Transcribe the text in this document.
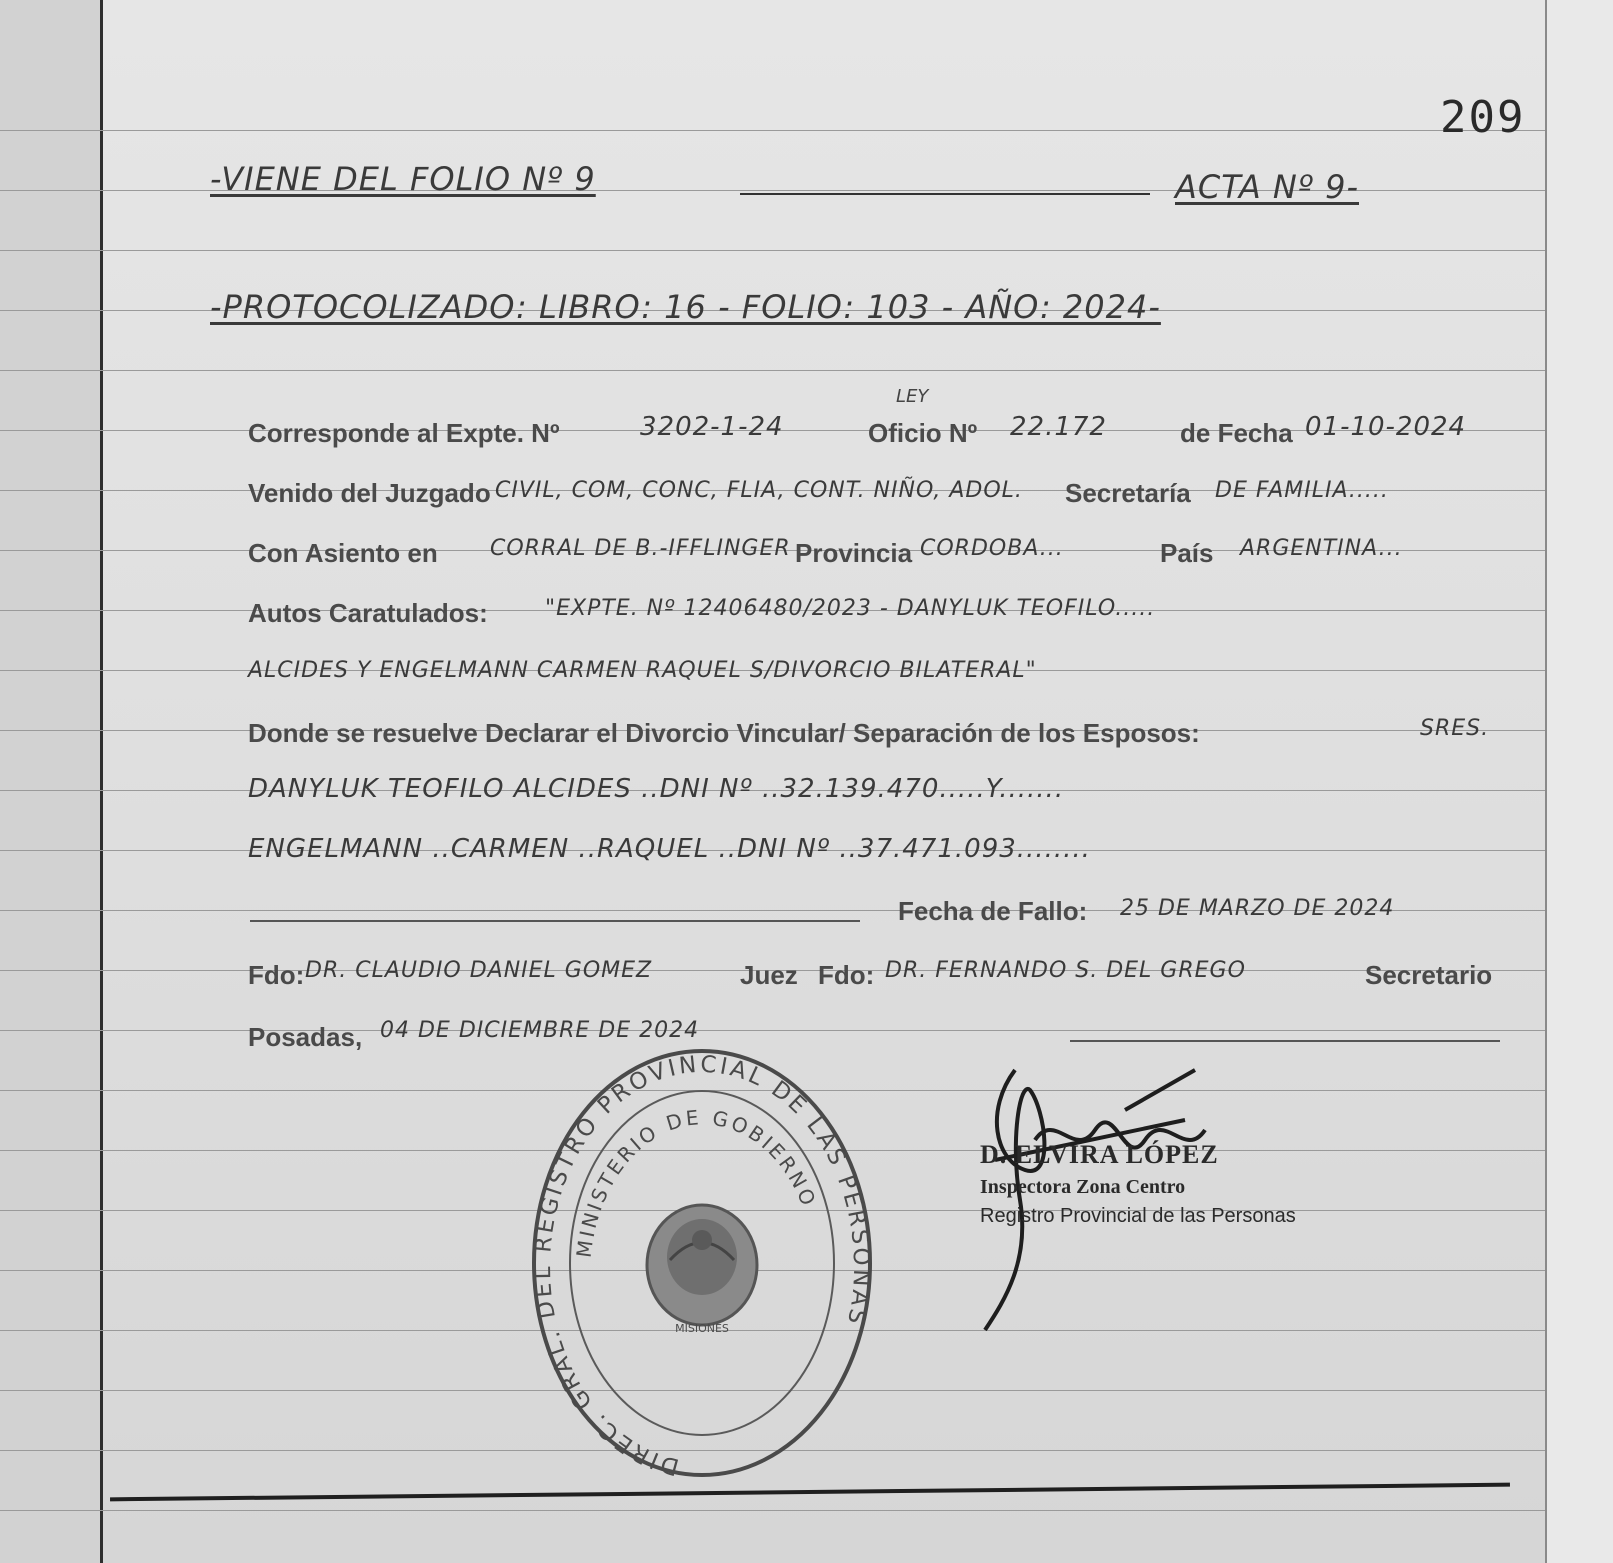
209
-VIENE DEL FOLIO Nº 9	ACTA Nº 9-
-PROTOCOLIZADO: LIBRO: 16 - FOLIO: 103 - AÑO: 2024-
Corresponde al Expte. Nº	3202-1-24
LEY
Oficio Nº 22.172	de Fecha 01-10-2024
Venido del Juzgado CIVIL, COM, CONC, FLIA, CONT. NIÑO, ADOL. Secretaría DE FAMILIA.....
Con Asiento en CORRAL DE B.-IFFLINGER Provincia CORDOBA...	País ARGENTINA...
Autos Caratulados:	"EXPTE. Nº 12406480/2023 - DANYLUK TEOFILO.....
ALCIDES Y ENGELMANN CARMEN RAQUEL S/DIVORCIO BILATERAL"
Donde se resuelve Declarar el Divorcio Vincular/ Separación de los Esposos:	SRES.
DANYLUK TEOFILO ALCIDES ..DNI Nº ..32.139.470.....Y.......
ENGELMANN ..CARMEN ..RAQUEL ..DNI Nº ..37.471.093........
Fecha de Fallo: 25 DE MARZO DE 2024
Fdo: DR. CLAUDIO DANIEL GOMEZ	Juez Fdo: DR. FERNANDO S. DEL GREGO	Secretario
Posadas, 04 DE DICIEMBRE DE 2024
DIREC. GRAL. DEL REGISTRO PROVINCIAL DE LAS PERSONAS
MINISTERIO DE GOBIERNO
MISIONES
D. ELVIRA LÓPEZ
Inspectora Zona Centro
Registro Provincial de las Personas
